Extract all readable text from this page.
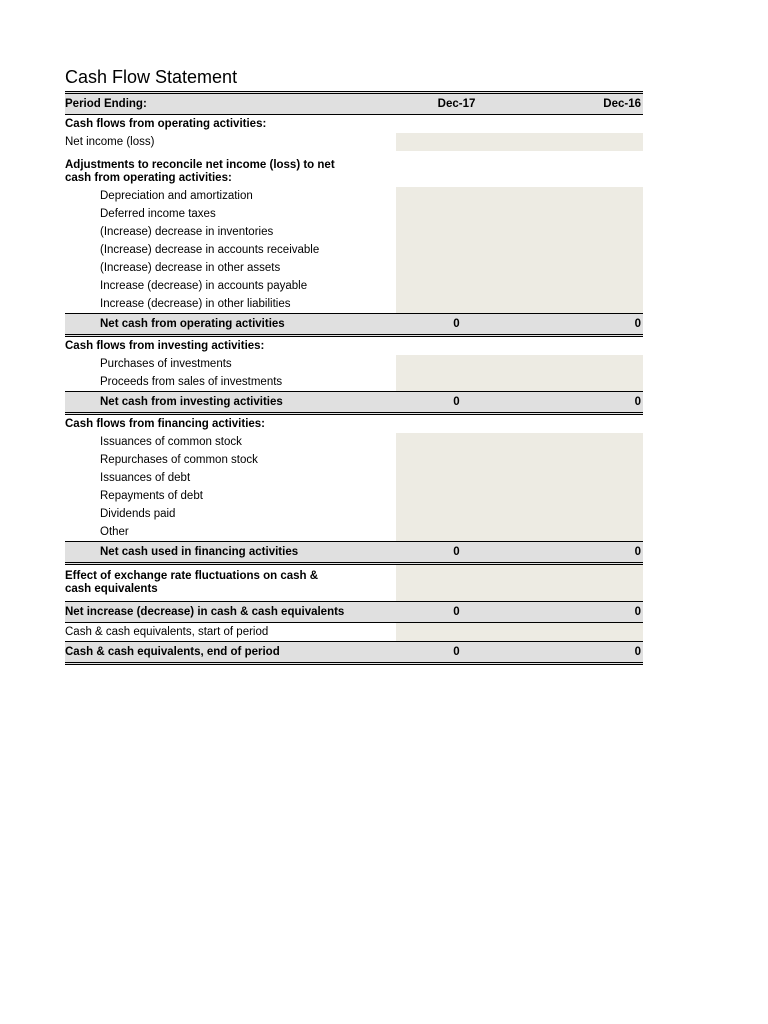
Cash Flow Statement
Period Ending:	Dec-17	Dec-16
Cash flows from operating activities:
Net income (loss)
Adjustments to reconcile net income (loss) to net cash from operating activities:
Depreciation and amortization
Deferred income taxes
(Increase) decrease in inventories
(Increase) decrease in accounts receivable
(Increase) decrease in other assets
Increase (decrease) in accounts payable
Increase (decrease) in other liabilities
Net cash from operating activities	0	0
Cash flows from investing activities:
Purchases of investments
Proceeds from sales of investments
Net cash from investing activities	0	0
Cash flows from financing activities:
Issuances of common stock
Repurchases of common stock
Issuances of debt
Repayments of debt
Dividends paid
Other
Net cash used in financing activities	0	0
Effect of exchange rate fluctuations on cash & cash equivalents
Net increase (decrease) in cash & cash equivalents	0	0
Cash & cash equivalents, start of period
Cash & cash equivalents, end of period	0	0
